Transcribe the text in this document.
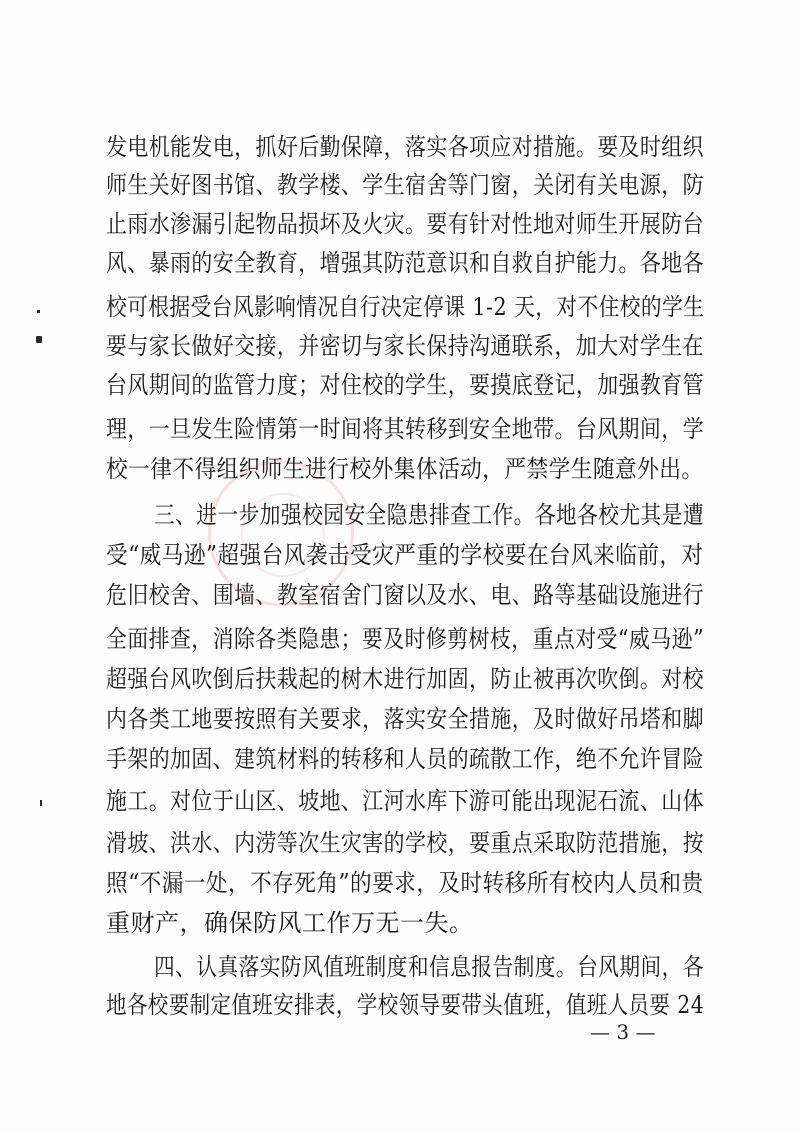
发电机能发电，抓好后勤保障，落实各项应对措施。要及时组织
师生关好图书馆、教学楼、学生宿舍等门窗，关闭有关电源，防
止雨水渗漏引起物品损坏及火灾。要有针对性地对师生开展防台
风、暴雨的安全教育，增强其防范意识和自救自护能力。各地各
校可根据受台风影响情况自行决定停课 1-2 天，对不住校的学生
要与家长做好交接，并密切与家长保持沟通联系，加大对学生在
台风期间的监管力度；对住校的学生，要摸底登记，加强教育管
理，一旦发生险情第一时间将其转移到安全地带。台风期间，学
校一律不得组织师生进行校外集体活动，严禁学生随意外出。
三、进一步加强校园安全隐患排查工作。各地各校尤其是遭
受“威马逊”超强台风袭击受灾严重的学校要在台风来临前，对
危旧校舍、围墙、教室宿舍门窗以及水、电、路等基础设施进行
全面排查，消除各类隐患；要及时修剪树枝，重点对受“威马逊”
超强台风吹倒后扶栽起的树木进行加固，防止被再次吹倒。对校
内各类工地要按照有关要求，落实安全措施，及时做好吊塔和脚
手架的加固、建筑材料的转移和人员的疏散工作，绝不允许冒险
施工。对位于山区、坡地、江河水库下游可能出现泥石流、山体
滑坡、洪水、内涝等次生灾害的学校，要重点采取防范措施，按
照“不漏一处，不存死角”的要求，及时转移所有校内人员和贵
重财产，确保防风工作万无一失。
四、认真落实防风值班制度和信息报告制度。台风期间，各
地各校要制定值班安排表，学校领导要带头值班，值班人员要 24
— 3 —
